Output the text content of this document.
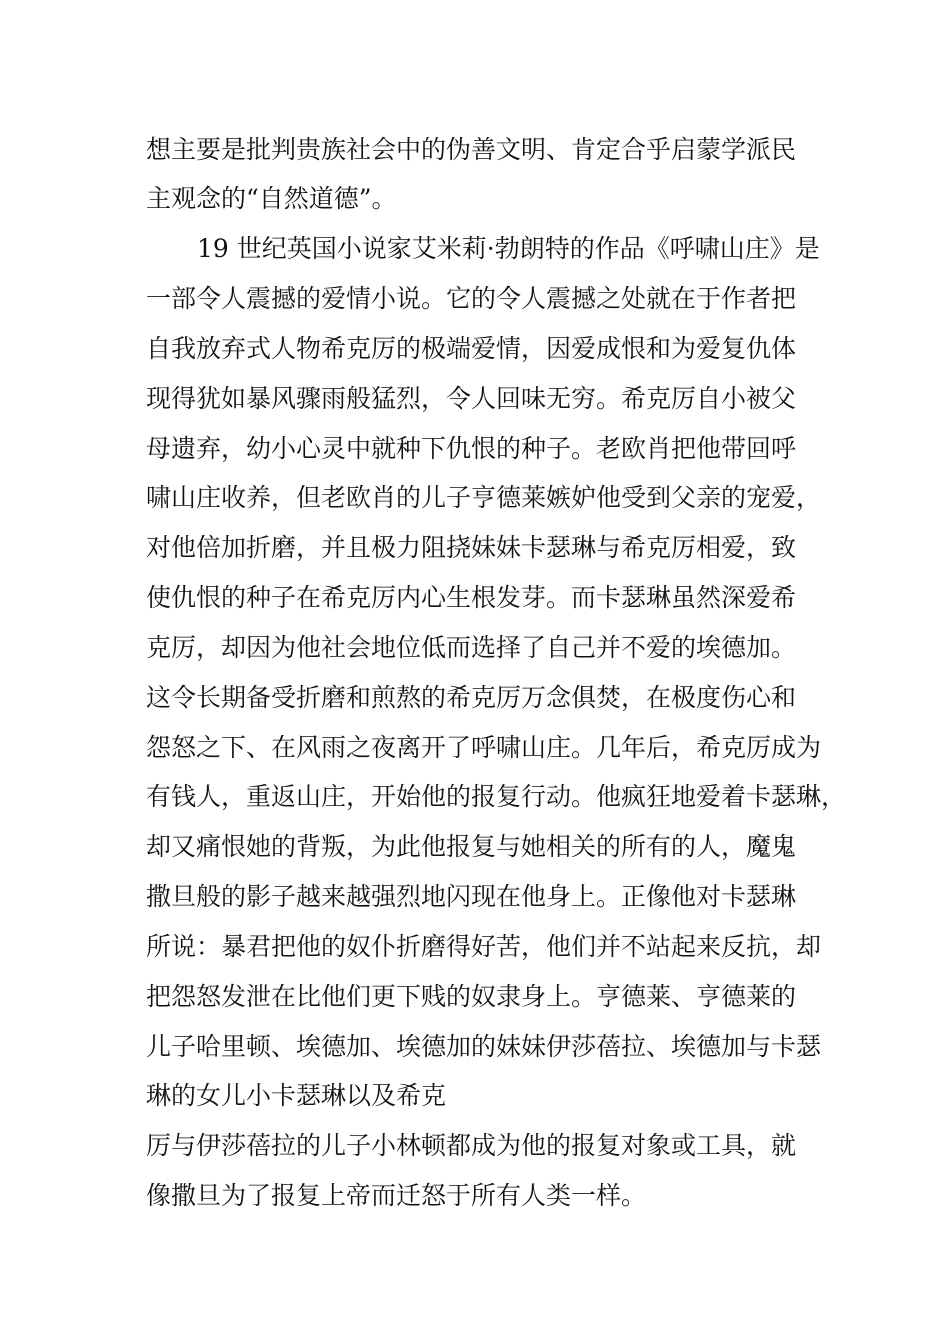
想主要是批判贵族社会中的伪善文明、肯定合乎启蒙学派民
主观念的“自然道德”。
19 世纪英国小说家艾米莉·勃朗特的作品《呼啸山庄》是
一部令人震撼的爱情小说。它的令人震撼之处就在于作者把
自我放弃式人物希克厉的极端爱情，因爱成恨和为爱复仇体
现得犹如暴风骤雨般猛烈，令人回味无穷。希克厉自小被父
母遗弃，幼小心灵中就种下仇恨的种子。老欧肖把他带回呼
啸山庄收养，但老欧肖的儿子亨德莱嫉妒他受到父亲的宠爱，
对他倍加折磨，并且极力阻挠妹妹卡瑟琳与希克厉相爱，致
使仇恨的种子在希克厉内心生根发芽。而卡瑟琳虽然深爱希
克厉，却因为他社会地位低而选择了自己并不爱的埃德加。
这令长期备受折磨和煎熬的希克厉万念俱焚，在极度伤心和
怨怒之下、在风雨之夜离开了呼啸山庄。几年后，希克厉成为
有钱人，重返山庄，开始他的报复行动。他疯狂地爱着卡瑟琳，
却又痛恨她的背叛，为此他报复与她相关的所有的人，魔鬼
撒旦般的影子越来越强烈地闪现在他身上。正像他对卡瑟琳
所说：暴君把他的奴仆折磨得好苦，他们并不站起来反抗，却
把怨怒发泄在比他们更下贱的奴隶身上。亨德莱、亨德莱的
儿子哈里顿、埃德加、埃德加的妹妹伊莎蓓拉、埃德加与卡瑟
琳的女儿小卡瑟琳以及希克
厉与伊莎蓓拉的儿子小林顿都成为他的报复对象或工具，就
像撒旦为了报复上帝而迁怒于所有人类一样。
